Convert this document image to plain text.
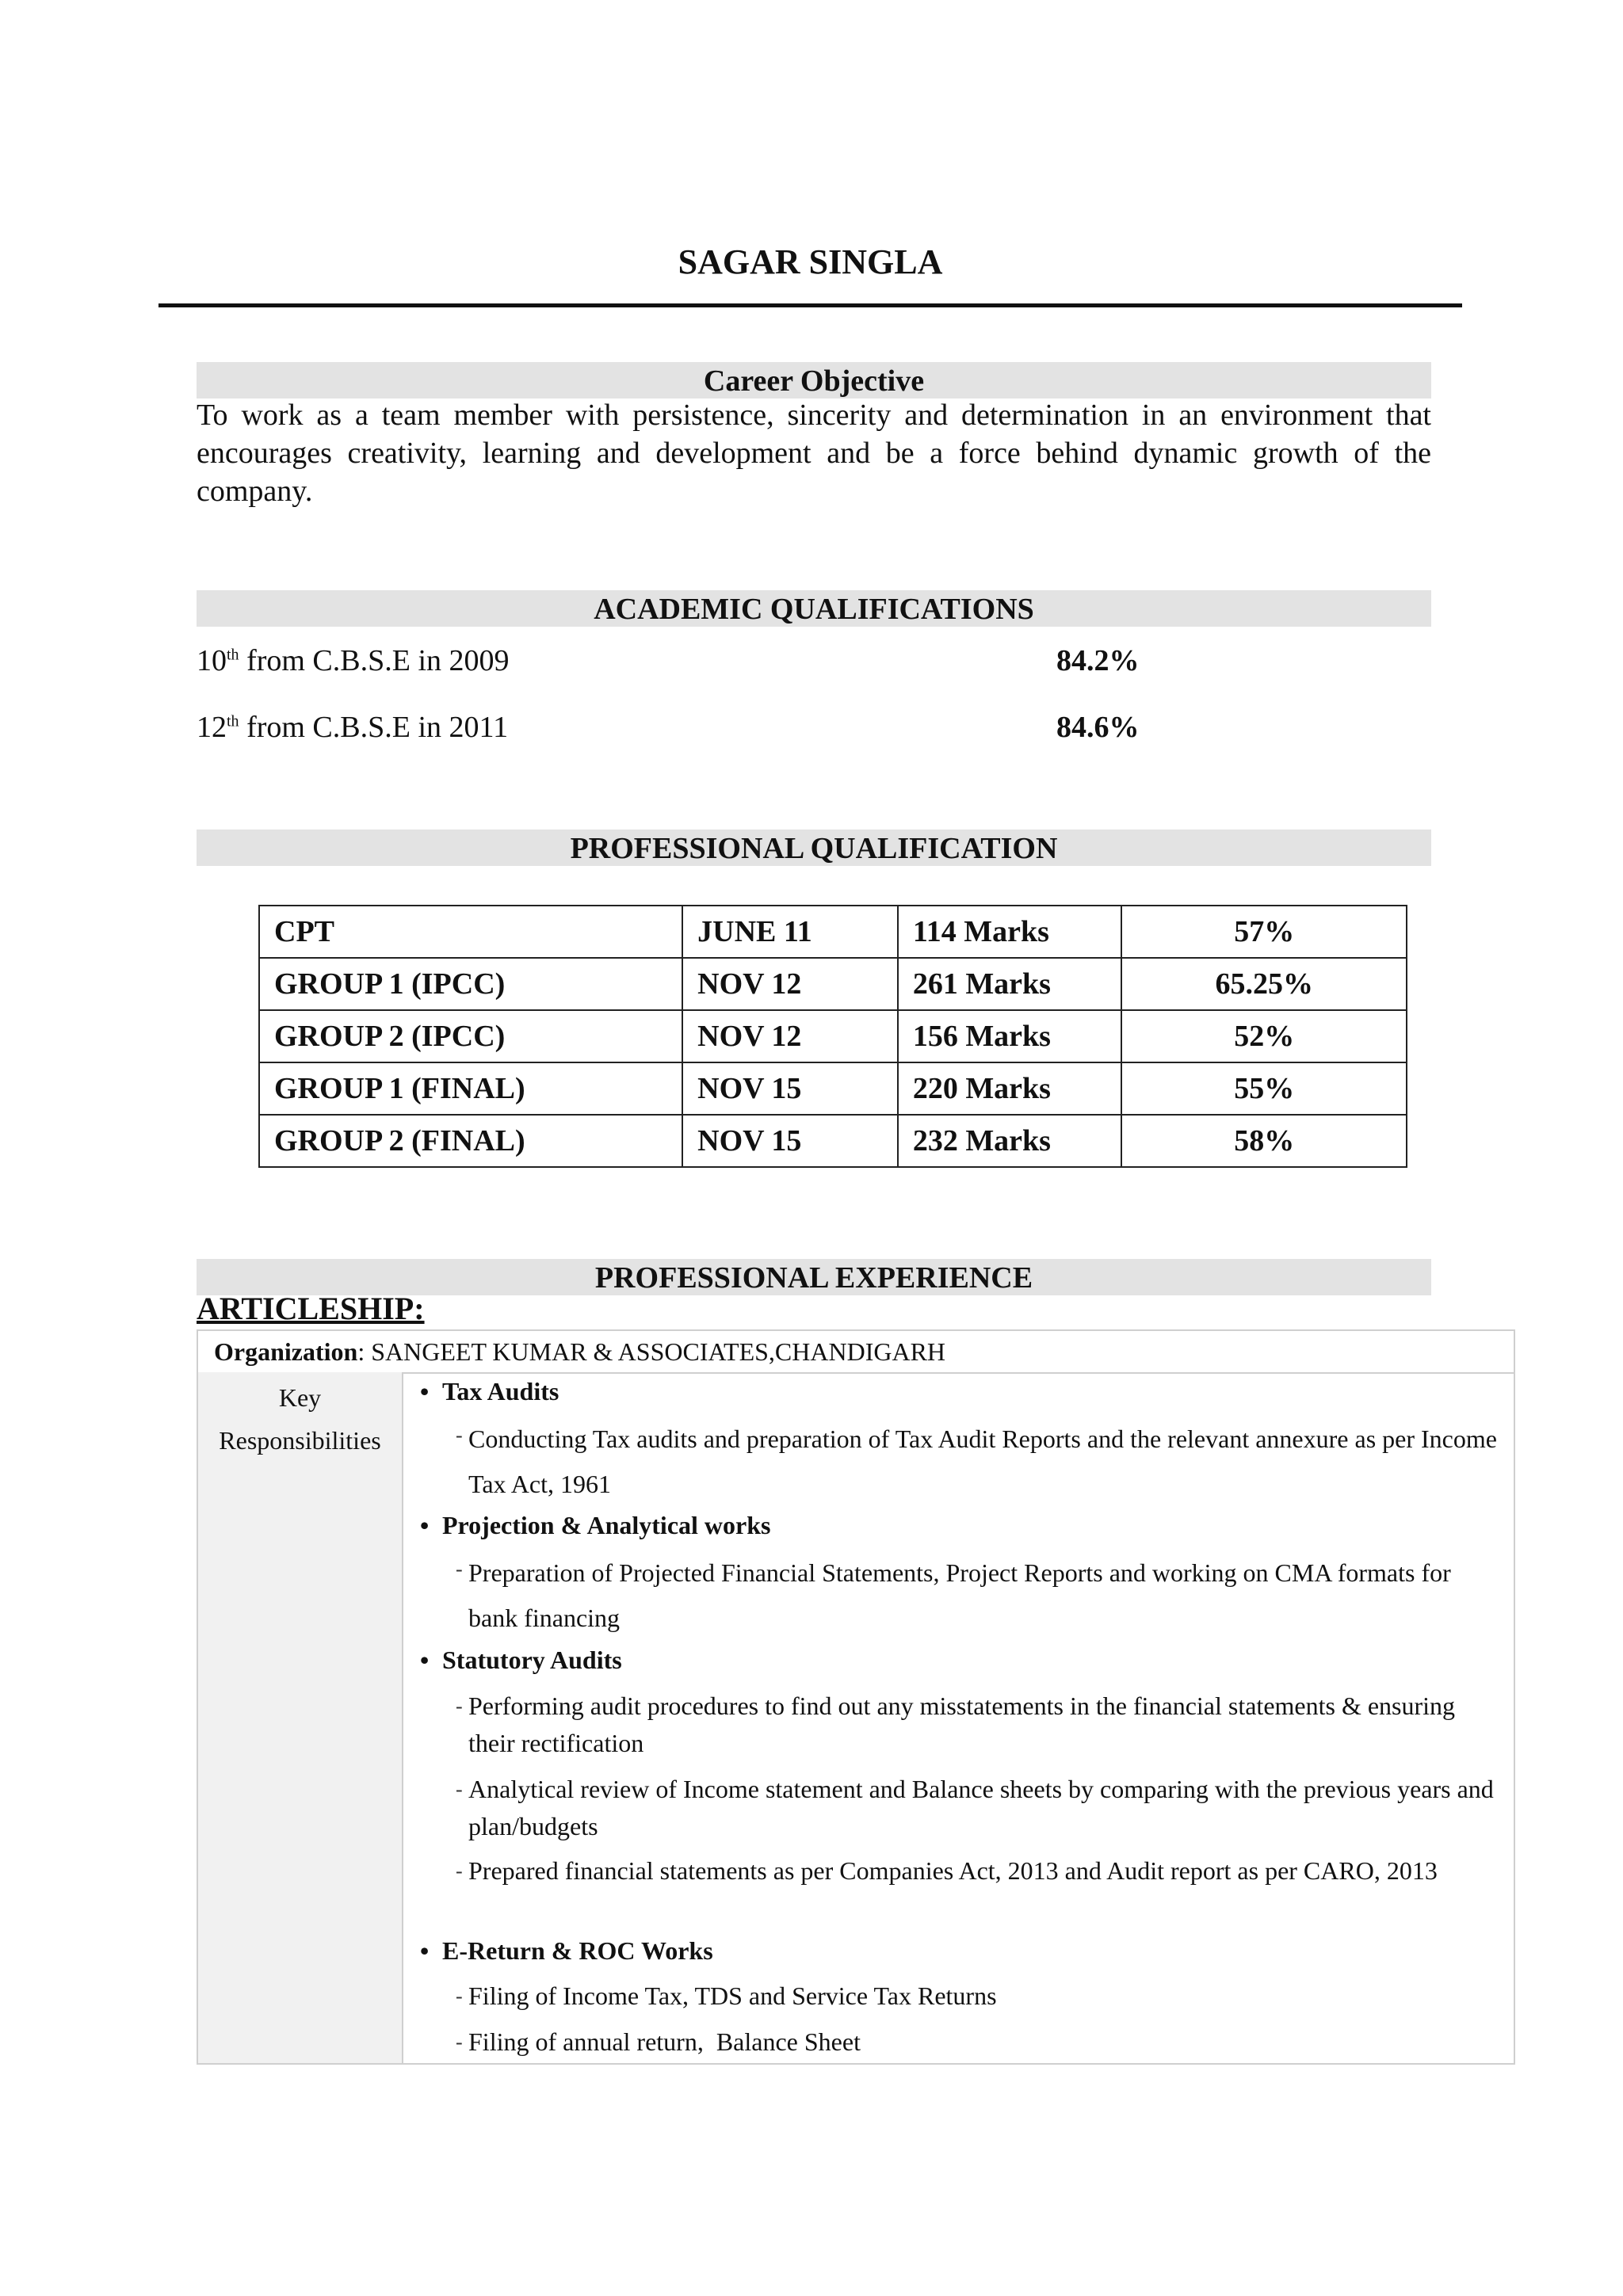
SAGAR SINGLA
Career Objective
To work as a team member with persistence, sincerity and determination in an environment that encourages creativity, learning and development and be a force behind dynamic growth of the company.
ACADEMIC QUALIFICATIONS
10th from C.B.S.E in 2009	84.2%
12th from C.B.S.E in 2011	84.6%
PROFESSIONAL QUALIFICATION
CPT	JUNE 11	114 Marks	57%
GROUP 1 (IPCC)	NOV 12	261 Marks	65.25%
GROUP 2 (IPCC)	NOV 12	156 Marks	52%
GROUP 1 (FINAL)	NOV 15	220 Marks	55%
GROUP 2 (FINAL)	NOV 15	232 Marks	58%
PROFESSIONAL EXPERIENCE
ARTICLESHIP:
Organization: SANGEET KUMAR & ASSOCIATES,CHANDIGARH
Key
Responsibilities
• Tax Audits
- Conducting Tax audits and preparation of Tax Audit Reports and the relevant annexure as per Income Tax Act, 1961
• Projection & Analytical works
- Preparation of Projected Financial Statements, Project Reports and working on CMA formats for bank financing
• Statutory Audits
- Performing audit procedures to find out any misstatements in the financial statements & ensuring their rectification
- Analytical review of Income statement and Balance sheets by comparing with the previous years and plan/budgets
- Prepared financial statements as per Companies Act, 2013 and Audit report as per CARO, 2013
• E-Return & ROC Works
- Filing of Income Tax, TDS and Service Tax Returns
- Filing of annual return,  Balance Sheet
